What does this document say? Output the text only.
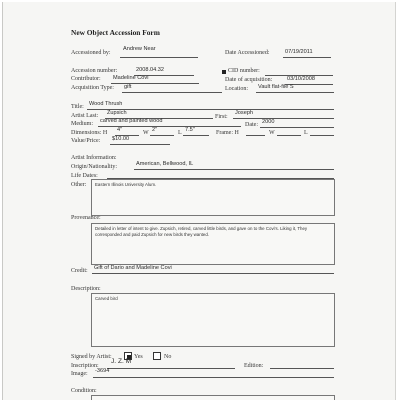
New Object Accession Form
Accessioned by:
Andrew Near
Date Accessioned:	07/19/2011
Accession number:	2008.04.32	CID number:
Contributor: Madeline Covi	Date of acquisition:	03/10/2008
Acquisition Type: gift	Location: Vault flat-file S
Title: Wood Thrush
Artist Last: Zupsich
First:
Joseph
Medium: carved and painted wood
Date: 2000
Dimensions: H 4"	W 2"	L 7.5"	Frame: H	W	L
Value/Price: $10.00
Artist Information:
Origin/Nationality:	American, Bellwood, IL
Life Dates:
Other:	Eastern Illinois University Alum.
Provenance:
Detailed in letter of intent to give. Zupsich, retired, carved little birds, and gave on to the Covi's. Liking it, They corresponded and paid Zupsich for new birds they wanted.
Credit: Gift of Dario and Madeline Covi
Description:
Carved bird
Signed by Artist:	Yes	No
Inscription:
J. Z. M
Edition:
Image: -3694
Condition:
